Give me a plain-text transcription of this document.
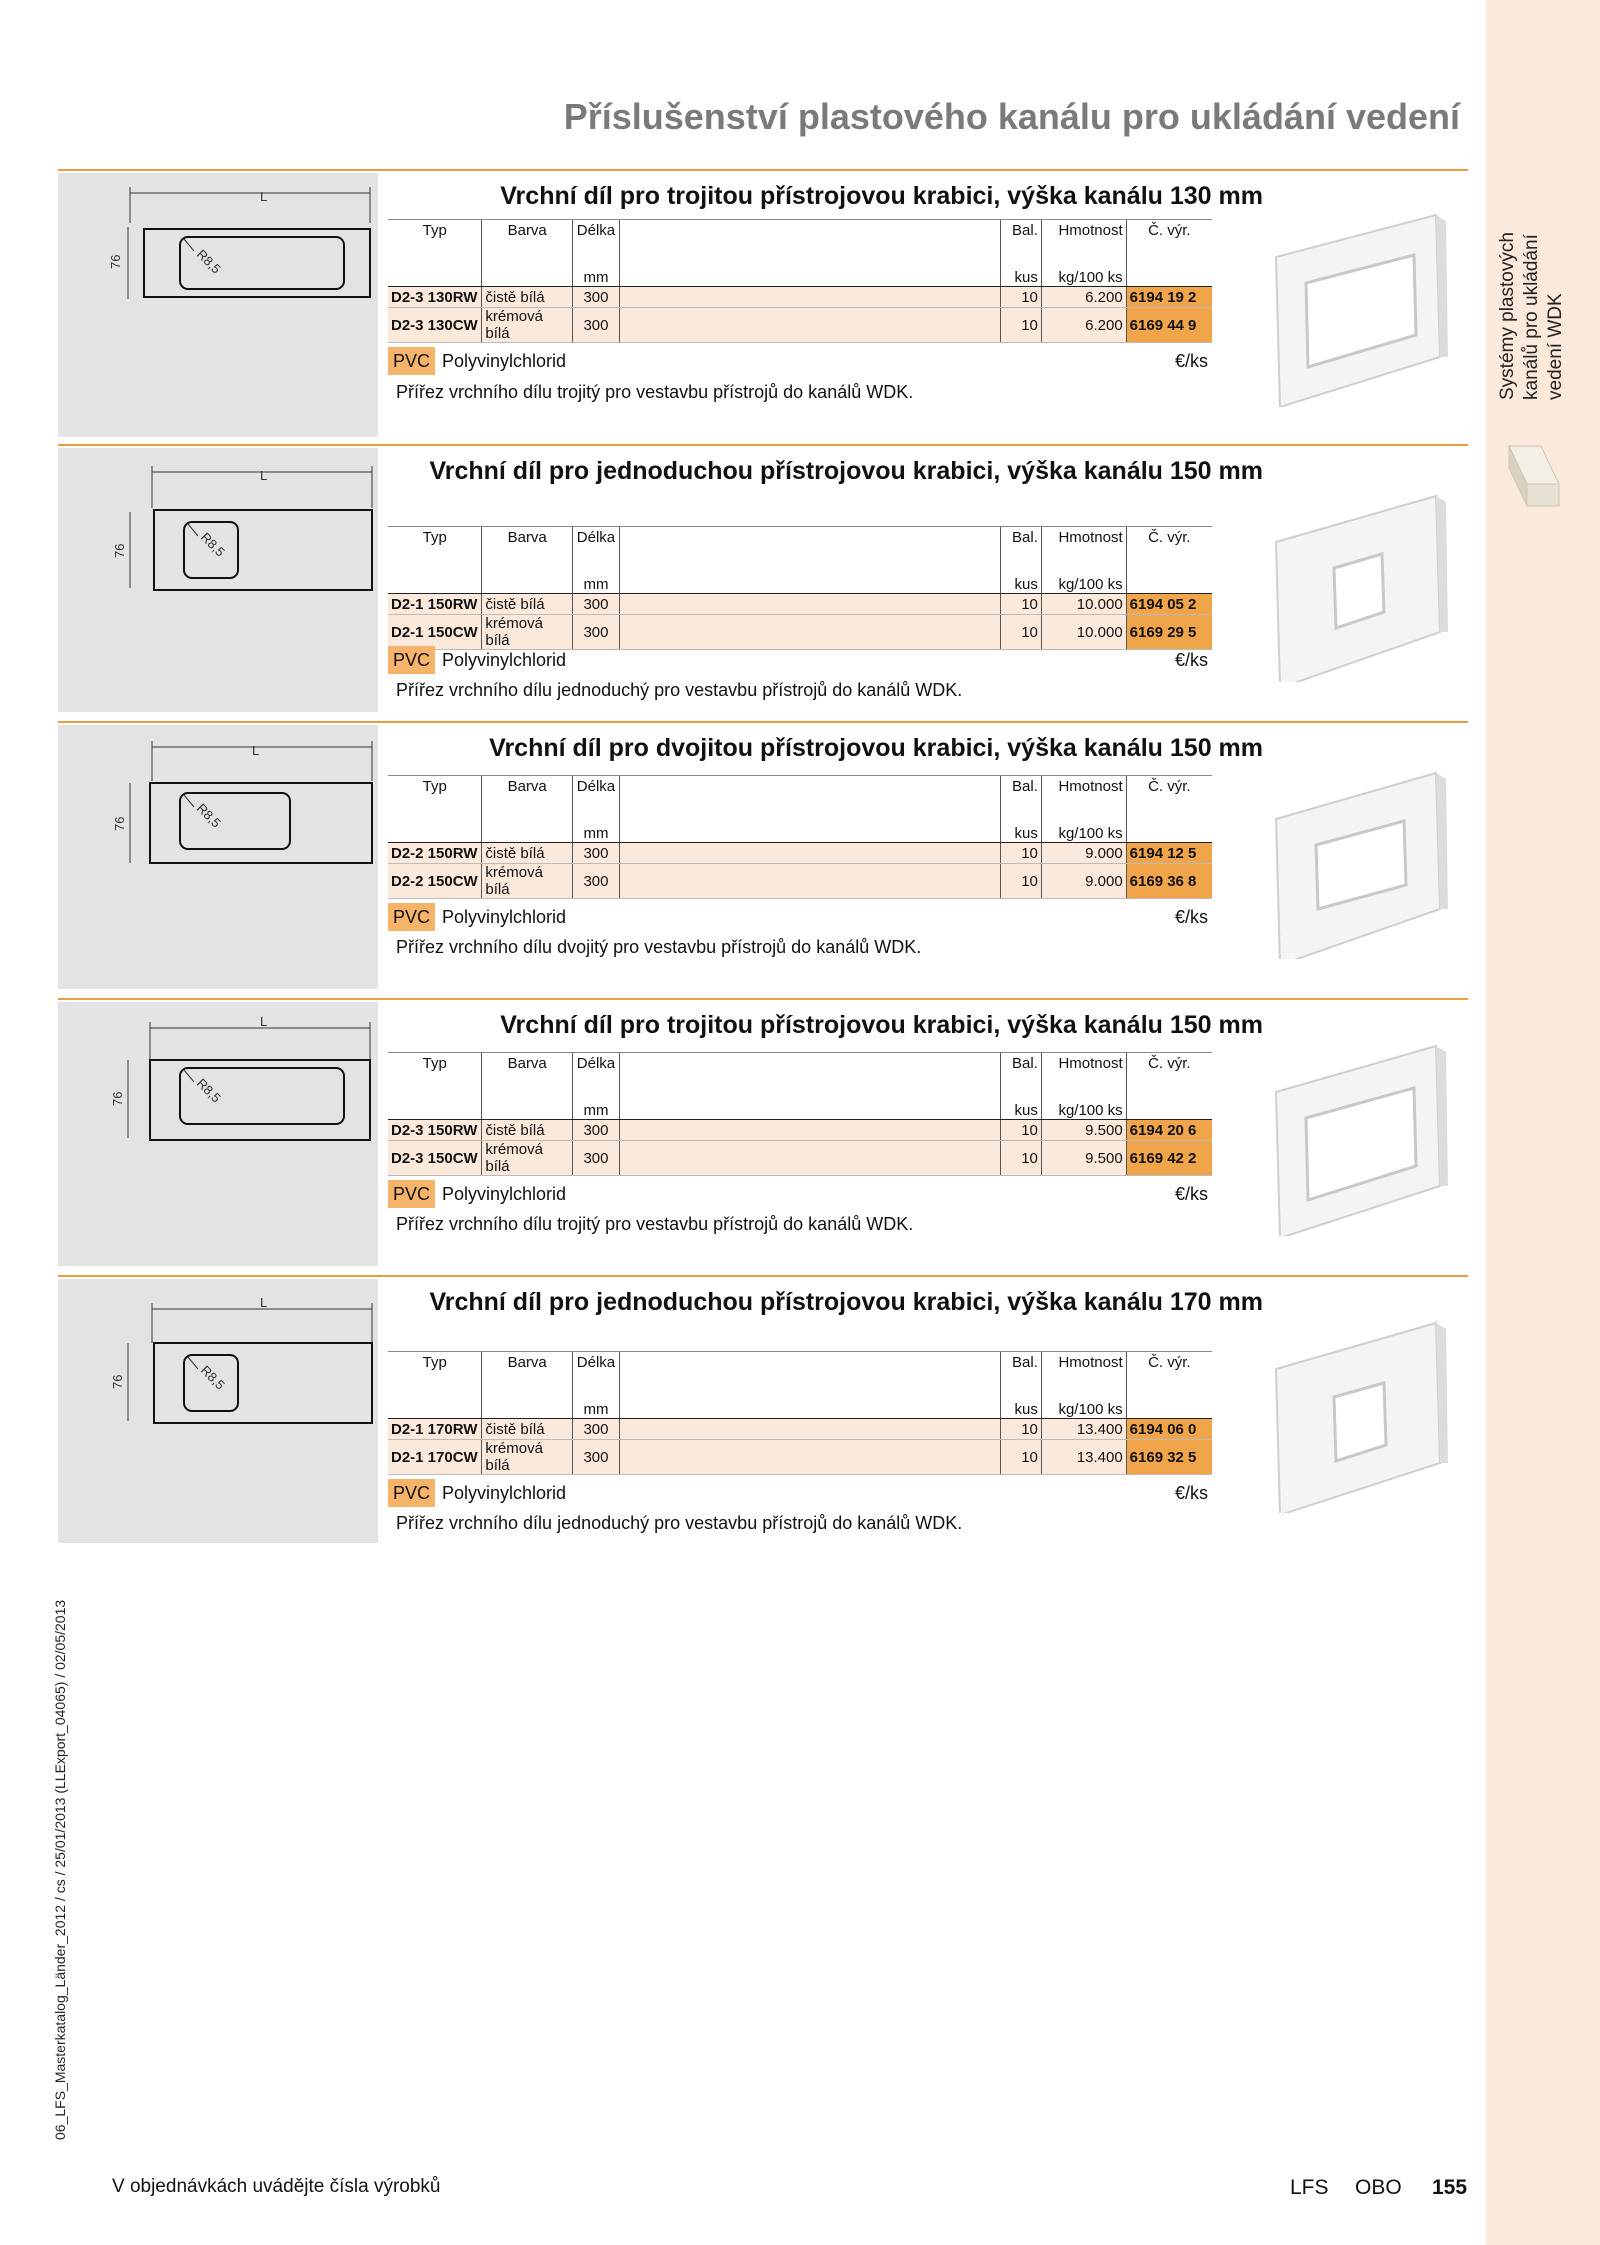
Systémy plastových kanálů pro ukládání vedení WDK
Příslušenství plastového kanálu pro ukládání vedení
L
76	R8,5
Vrchní díl pro trojitou přístrojovou krabici, výška kanálu 130 mm
Typ	Barva	Délka		Bal.	Hmotnost	Č. výr.
		mm		kus	kg/100 ks	
D2-3 130RW	čistě bílá	300		10	6.200	6194 19 2
D2-3 130CW	krémová bílá	300		10	6.200	6169 44 9
PVC Polyvinylchlorid	€/ks
Přířez vrchního dílu trojitý pro vestavbu přístrojů do kanálů WDK.
L
76	R8,5
Vrchní díl pro jednoduchou přístrojovou krabici, výška kanálu 150 mm
Typ	Barva	Délka		Bal.	Hmotnost	Č. výr.
		mm		kus	kg/100 ks	
D2-1 150RW	čistě bílá	300		10	10.000	6194 05 2
D2-1 150CW	krémová bílá	300		10	10.000	6169 29 5
PVC Polyvinylchlorid	€/ks
Přířez vrchního dílu jednoduchý pro vestavbu přístrojů do kanálů WDK.
L
76	R8,5
Vrchní díl pro dvojitou přístrojovou krabici, výška kanálu 150 mm
Typ	Barva	Délka		Bal.	Hmotnost	Č. výr.
		mm		kus	kg/100 ks	
D2-2 150RW	čistě bílá	300		10	9.000	6194 12 5
D2-2 150CW	krémová bílá	300		10	9.000	6169 36 8
PVC Polyvinylchlorid	€/ks
Přířez vrchního dílu dvojitý pro vestavbu přístrojů do kanálů WDK.
L
76	R8,5
Vrchní díl pro trojitou přístrojovou krabici, výška kanálu 150 mm
Typ	Barva	Délka		Bal.	Hmotnost	Č. výr.
		mm		kus	kg/100 ks	
D2-3 150RW	čistě bílá	300		10	9.500	6194 20 6
D2-3 150CW	krémová bílá	300		10	9.500	6169 42 2
PVC Polyvinylchlorid	€/ks
Přířez vrchního dílu trojitý pro vestavbu přístrojů do kanálů WDK.
L
76	R8,5
Vrchní díl pro jednoduchou přístrojovou krabici, výška kanálu 170 mm
Typ	Barva	Délka		Bal.	Hmotnost	Č. výr.
		mm		kus	kg/100 ks	
D2-1 170RW	čistě bílá	300		10	13.400	6194 06 0
D2-1 170CW	krémová bílá	300		10	13.400	6169 32 5
PVC Polyvinylchlorid	€/ks
Přířez vrchního dílu jednoduchý pro vestavbu přístrojů do kanálů WDK.
06_LFS_Masterkatalog_Länder_2012 / cs / 25/01/2013 (LLExport_04065) / 02/05/2013
V objednávkách uvádějte čísla výrobků	LFS OBO 155
